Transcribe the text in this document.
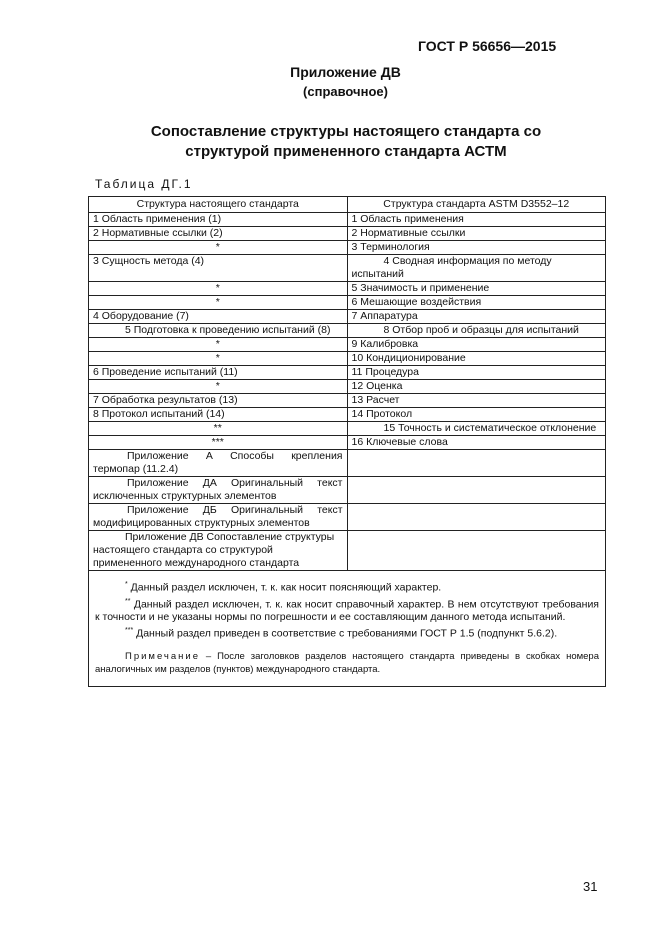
ГОСТ Р 56656—2015
Приложение ДВ
(справочное)
Сопоставление структуры настоящего стандарта со
структурой примененного стандарта АСТМ
Таблица ДГ.1
Структура настоящего стандарта	Структура стандарта ASTM D3552–12
1 Область применения (1)	1 Область применения
2 Нормативные ссылки (2)	2 Нормативные ссылки
*	3 Терминология
3 Сущность метода (4)	4 Сводная информация по методу испытаний
*	5 Значимость и применение
*	6 Мешающие воздействия
4 Оборудование (7)	7 Аппаратура
5 Подготовка к проведению испытаний (8)	8 Отбор проб и образцы для испытаний
*	9 Калибровка
*	10 Кондиционирование
6 Проведение испытаний (11)	11 Процедура
*	12 Оценка
7 Обработка результатов (13)	13 Расчет
8 Протокол испытаний (14)	14 Протокол
**	15 Точность и систематическое отклонение
***	16 Ключевые слова
Приложение А Способы крепления термопар (11.2.4)	
Приложение ДА Оригинальный текст исключенных структурных элементов	
Приложение ДБ Оригинальный текст модифицированных структурных элементов	
Приложение ДВ Сопоставление структуры настоящего стандарта со структурой примененного международного стандарта	

* Данный раздел исключен, т. к. как носит поясняющий характер.

** Данный раздел исключен, т. к. как носит справочный характер. В нем отсутствуют требования к точности и не указаны нормы по погрешности и ее составляющим данного метода испытаний.

*** Данный раздел приведен в соответствие с требованиями ГОСТ Р 1.5 (подпункт 5.6.2).

Примечание – После заголовков разделов настоящего стандарта приведены в скобках номера аналогичных им разделов (пунктов) международного стандарта.	
31
